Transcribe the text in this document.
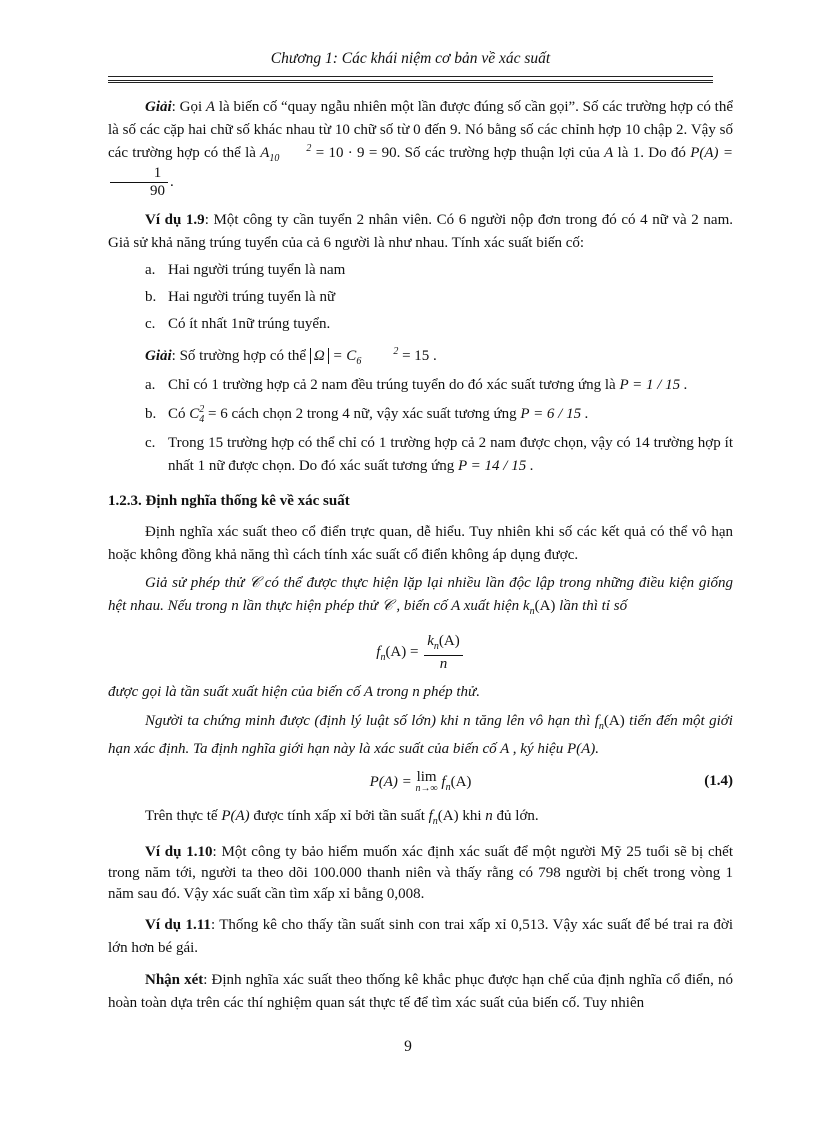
Chương 1: Các khái niệm cơ bản về xác suất

Giải: Gọi A là biến cố “quay ngẫu nhiên một lần được đúng số cần gọi”. Số các trường hợp có thể là số các cặp hai chữ số khác nhau từ 10 chữ số từ 0 đến 9. Nó bằng số các chỉnh hợp 10 chập 2. Vậy số các trường hợp có thể là A	2
10 = 10 · 9 = 90. Số các trường hợp thuận lợi của A là 1. Do đó P(A) =
$\frac{1}{90}$ .

Ví dụ 1.9: Một công ty cần tuyển 2 nhân viên. Có 6 người nộp đơn trong đó có 4 nữ và 2 nam. Giả sử khả năng trúng tuyển của cả 6 người là như nhau. Tính xác suất biến cố:

a. Hai người trúng tuyển là nam
b. Hai người trúng tuyển là nữ
c. Có ít nhất 1nữ trúng tuyển.

Giải: Số trường hợp có thể Ω = C	2
6 = 15 .

a. Chỉ có 1 trường hợp cả 2 nam đều trúng tuyển do đó xác suất tương ứng là P = 1 / 15 .
b. Có C2
4 = 6 cách chọn 2 trong 4 nữ, vậy xác suất tương ứng P = 6 / 15 .
c. Trong 15 trường hợp có thể chỉ có 1 trường hợp cả 2 nam được chọn, vậy có 14 trường hợp ít nhất 1 nữ được chọn. Do đó xác suất tương ứng P = 14 / 15 .

1.2.3. Định nghĩa thống kê về xác suất

Định nghĩa xác suất theo cổ điển trực quan, dễ hiểu. Tuy nhiên khi số các kết quả có thể vô hạn hoặc không đồng khả năng thì cách tính xác suất cổ điển không áp dụng được.

Giả sử phép thử 𝒞 có thể được thực hiện lặp lại nhiều lần độc lập trong những điều kiện giống hệt nhau. Nếu trong n lần thực hiện phép thử 𝒞 , biến cố A xuất hiện $k_n(A)$ lần thì tỉ số

$f_n(A) = \frac{k_n(A)}{n}$

được gọi là tần suất xuất hiện của biến cố A trong n phép thử.

Người ta chứng minh được (định lý luật số lớn) khi n tăng lên vô hạn thì $f_n(A)$ tiến đến một giới hạn xác định. Ta định nghĩa giới hạn này là xác suất của biến cố A , ký hiệu P(A).

P(A) = lim
n→∞ $f_n(A)$	(1.4)

Trên thực tế P(A) được tính xấp xỉ bởi tần suất $f_n(A)$ khi n đủ lớn.

Ví dụ 1.10: Một công ty bảo hiểm muốn xác định xác suất để một người Mỹ 25 tuổi sẽ bị chết trong năm tới, người ta theo dõi 100.000 thanh niên và thấy rằng có 798 người bị chết trong vòng 1 năm sau đó. Vậy xác suất cần tìm xấp xỉ bằng 0,008.

Ví dụ 1.11: Thống kê cho thấy tần suất sinh con trai xấp xỉ 0,513. Vậy xác suất để bé trai ra đời lớn hơn bé gái.

Nhận xét: Định nghĩa xác suất theo thống kê khắc phục được hạn chế của định nghĩa cổ điển, nó hoàn toàn dựa trên các thí nghiệm quan sát thực tế để tìm xác suất của biến cố. Tuy nhiên

9
